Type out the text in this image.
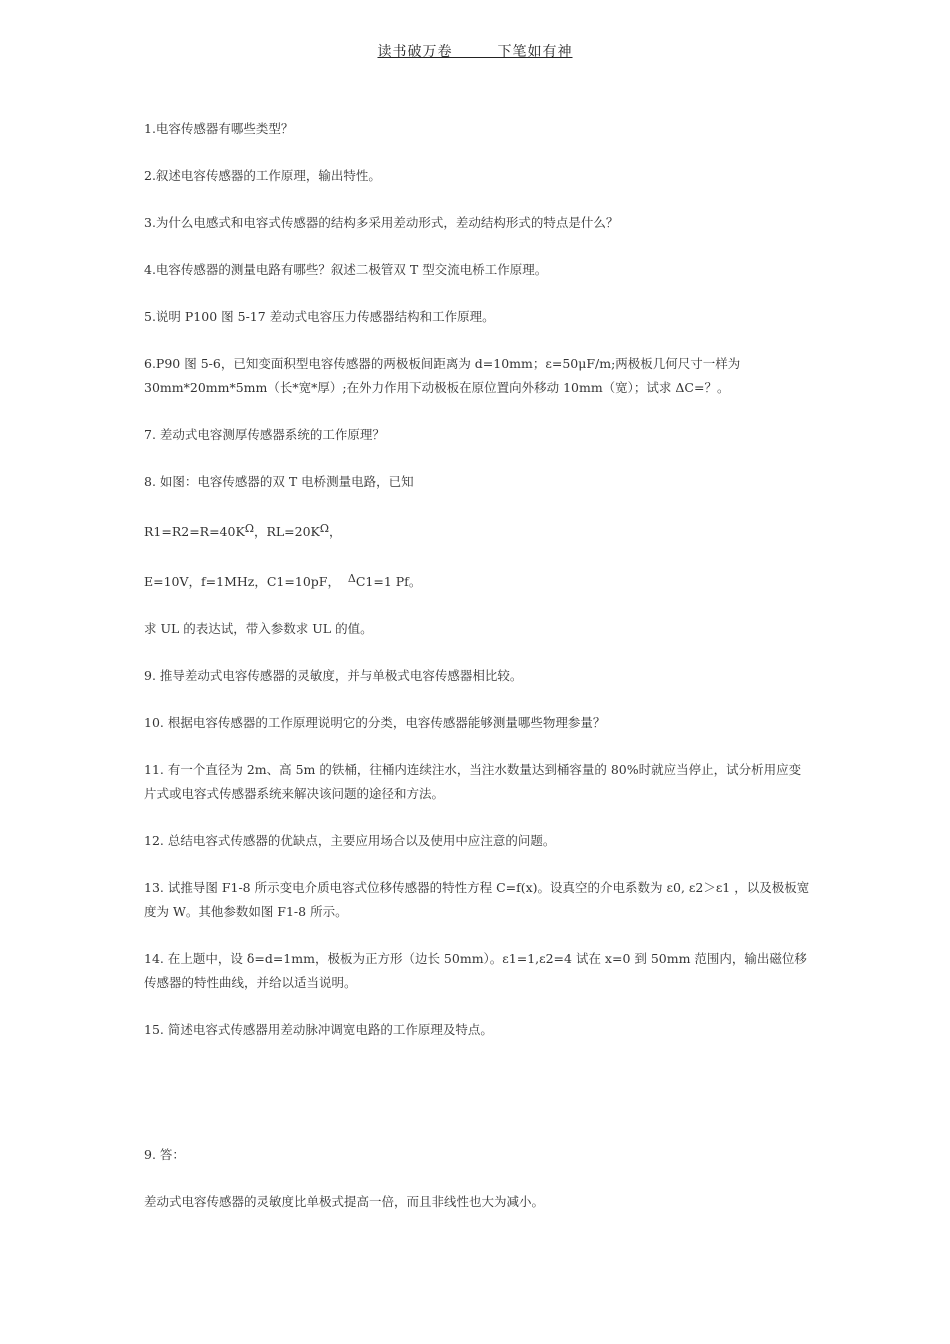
读书破万卷＿＿＿下笔如有神

1.电容传感器有哪些类型？

2.叙述电容传感器的工作原理，输出特性。

3.为什么电感式和电容式传感器的结构多采用差动形式，差动结构形式的特点是什么？

4.电容传感器的测量电路有哪些？叙述二极管双 T 型交流电桥工作原理。

5.说明 P100 图 5-17 差动式电容压力传感器结构和工作原理。

6.P90 图 5-6，已知变面积型电容传感器的两极板间距离为 d=10mm；ε=50μF/m;两极板几何尺寸一样为 30mm*20mm*5mm（长*宽*厚）;在外力作用下动极板在原位置向外移动 10mm（宽）；试求 ΔC=？。

7. 差动式电容测厚传感器系统的工作原理？

8. 如图：电容传感器的双 T 电桥测量电路，已知

R1=R2=R=40KΩ，RL=20KΩ，

E=10V，f=1MHz，C1=10pF， ΔC1=1 Pf。

求 UL 的表达试，带入参数求 UL 的值。

9. 推导差动式电容传感器的灵敏度，并与单极式电容传感器相比较。

10. 根据电容传感器的工作原理说明它的分类，电容传感器能够测量哪些物理参量？

11. 有一个直径为 2m、高 5m 的铁桶，往桶内连续注水，当注水数量达到桶容量的 80%时就应当停止，试分析用应变片式或电容式传感器系统来解决该问题的途径和方法。

12. 总结电容式传感器的优缺点，主要应用场合以及使用中应注意的问题。

13. 试推导图 F1-8 所示变电介质电容式位移传感器的特性方程 C=f(x)。设真空的介电系数为 ε0, ε2＞ε1 ，以及极板宽度为 W。其他参数如图 F1-8 所示。

14. 在上题中，设 δ=d=1mm，极板为正方形（边长 50mm）。ε1=1,ε2=4 试在 x=0 到 50mm 范围内，输出磁位移传感器的特性曲线，并给以适当说明。

15. 简述电容式传感器用差动脉冲调宽电路的工作原理及特点。

9. 答：

差动式电容传感器的灵敏度比单极式提高一倍，而且非线性也大为减小。
